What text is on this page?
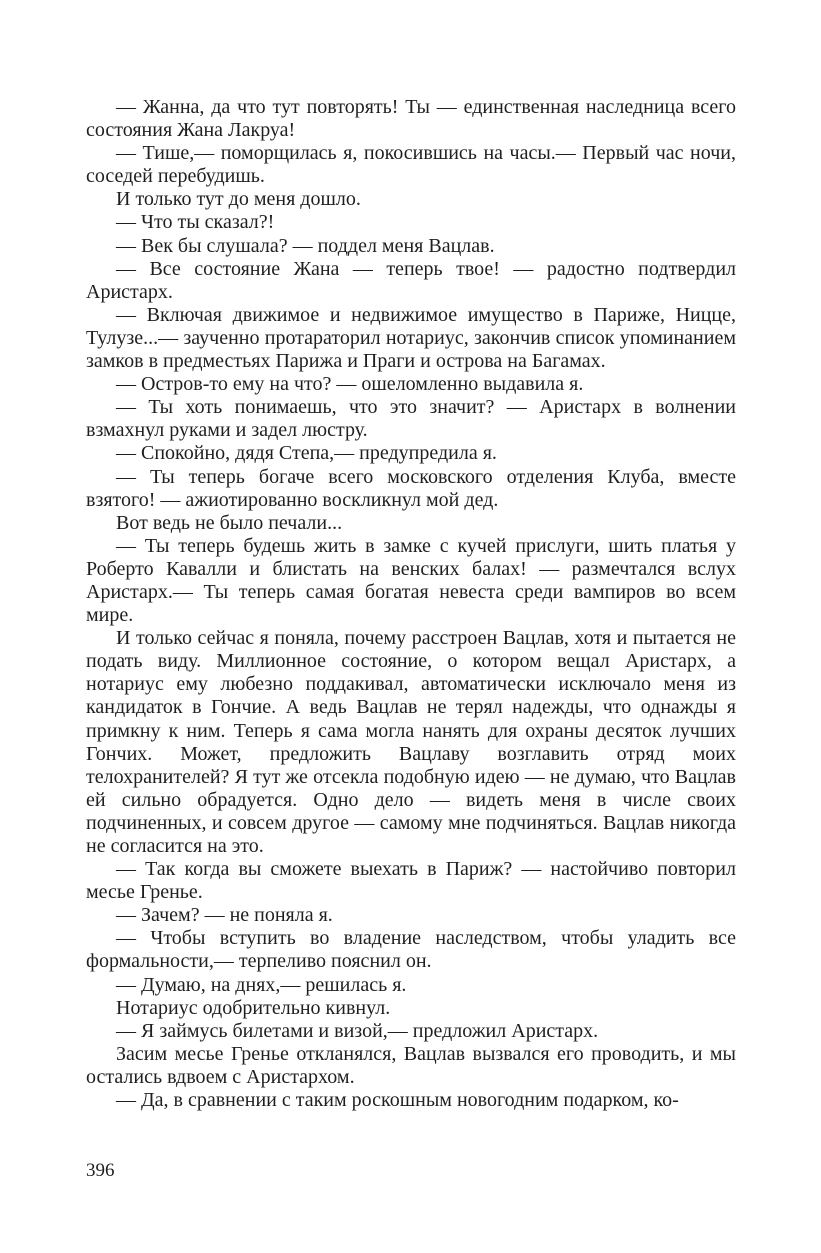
— Жанна, да что тут повторять! Ты — единственная наследница всего состояния Жана Лакруа!

— Тише,— поморщилась я, покосившись на часы.— Первый час ночи, соседей перебудишь.

И только тут до меня дошло.

— Что ты сказал?!

— Век бы слушала? — поддел меня Вацлав.

— Все состояние Жана — теперь твое! — радостно подтвердил Аристарх.

— Включая движимое и недвижимое имущество в Париже, Ницце, Тулузе...— заученно протараторил нотариус, закончив список упоминанием замков в предместьях Парижа и Праги и острова на Багамах.

— Остров-то ему на что? — ошеломленно выдавила я.

— Ты хоть понимаешь, что это значит? — Аристарх в волнении взмахнул руками и задел люстру.

— Спокойно, дядя Степа,— предупредила я.

— Ты теперь богаче всего московского отделения Клуба, вместе взятого! — ажиотированно воскликнул мой дед.

Вот ведь не было печали...

— Ты теперь будешь жить в замке с кучей прислуги, шить платья у Роберто Кавалли и блистать на венских балах! — размечтался вслух Аристарх.— Ты теперь самая богатая невеста среди вампиров во всем мире.

И только сейчас я поняла, почему расстроен Вацлав, хотя и пытается не подать виду. Миллионное состояние, о котором вещал Аристарх, а нотариус ему любезно поддакивал, автоматически исключало меня из кандидаток в Гончие. А ведь Вацлав не терял надежды, что однажды я примкну к ним. Теперь я сама могла нанять для охраны десяток лучших Гончих. Может, предложить Вацлаву возглавить отряд моих телохранителей? Я тут же отсекла подобную идею — не думаю, что Вацлав ей сильно обрадуется. Одно дело — видеть меня в числе своих подчиненных, и совсем другое — самому мне подчиняться. Вацлав никогда не согласится на это.

— Так когда вы сможете выехать в Париж? — настойчиво повторил месье Гренье.

— Зачем? — не поняла я.

— Чтобы вступить во владение наследством, чтобы уладить все формальности,— терпеливо пояснил он.

— Думаю, на днях,— решилась я.

Нотариус одобрительно кивнул.

— Я займусь билетами и визой,— предложил Аристарх.

Засим месье Гренье откланялся, Вацлав вызвался его проводить, и мы остались вдвоем с Аристархом.

— Да, в сравнении с таким роскошным новогодним подарком, ко-

396
